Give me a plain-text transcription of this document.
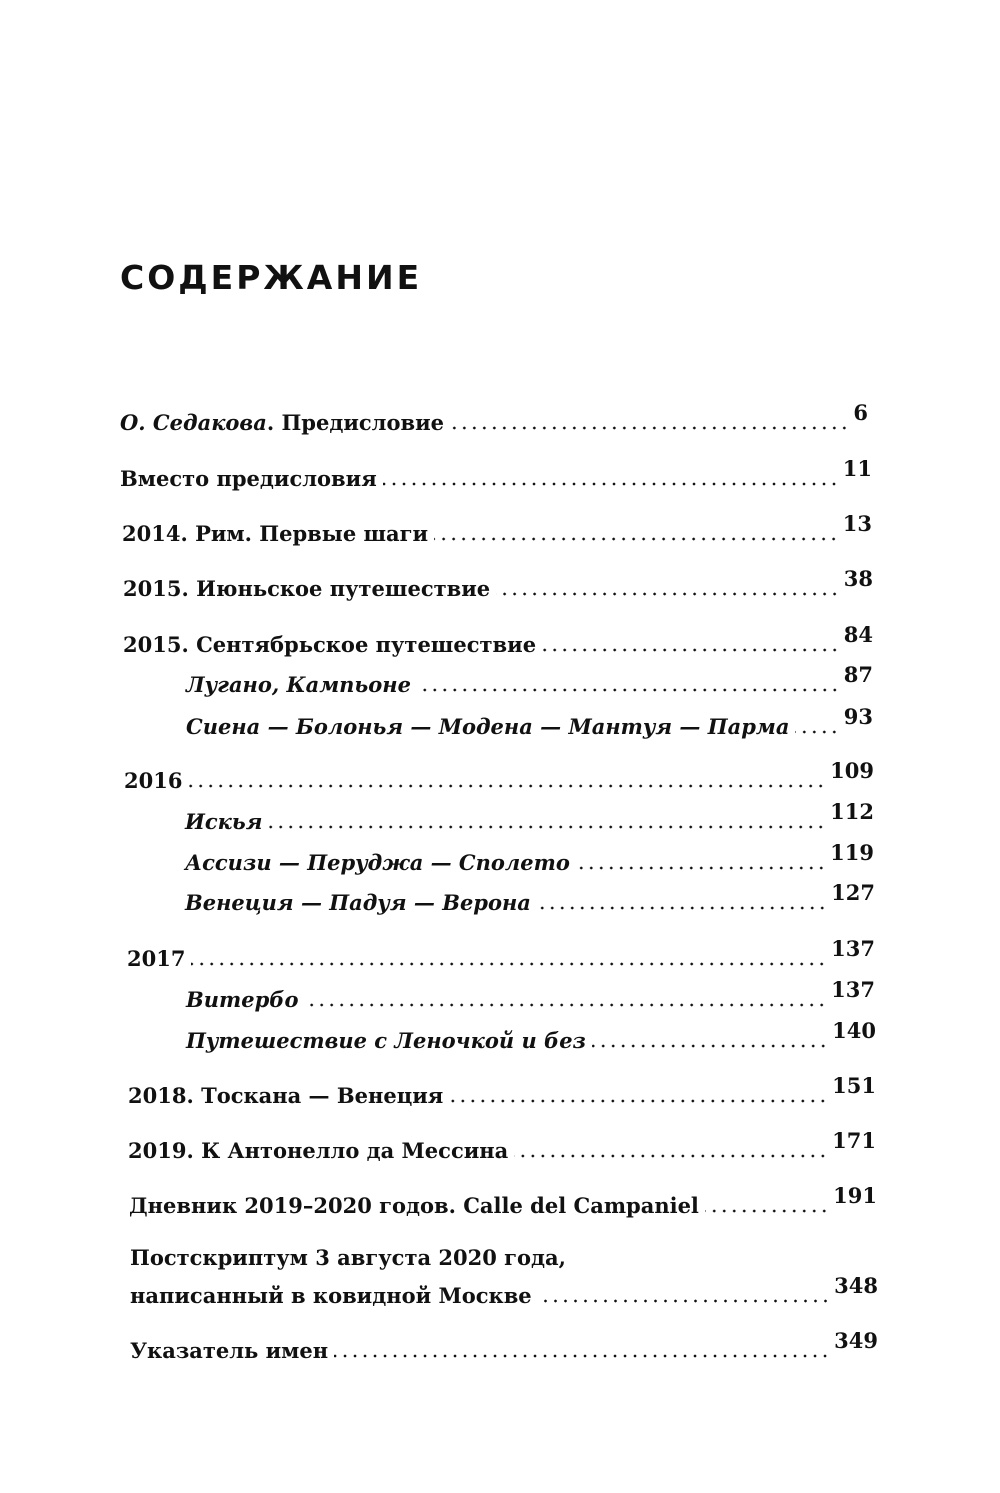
СОДЕРЖАНИЕ
О. Седакова. Предисловие	6
Вместо предисловия	11
2014. Рим. Первые шаги	13
2015. Июньское путешествие	38
2015. Сентябрьское путешествие	84
Лугано, Кампьоне	87
Сиена — Болонья — Модена — Мантуя — Парма	93
2016	109
Искья	112
Ассизи — Перуджа — Сполето	119
Венеция — Падуя — Верона	127
2017	137
Витербо	137
Путешествие с Леночкой и без	140
2018. Тоскана — Венеция	151
2019. К Антонелло да Мессина	171
Дневник 2019–2020 годов. Calle del Campaniel	191
Постскриптум 3 августа 2020 года,
написанный в ковидной Москве	348
Указатель имен	349
